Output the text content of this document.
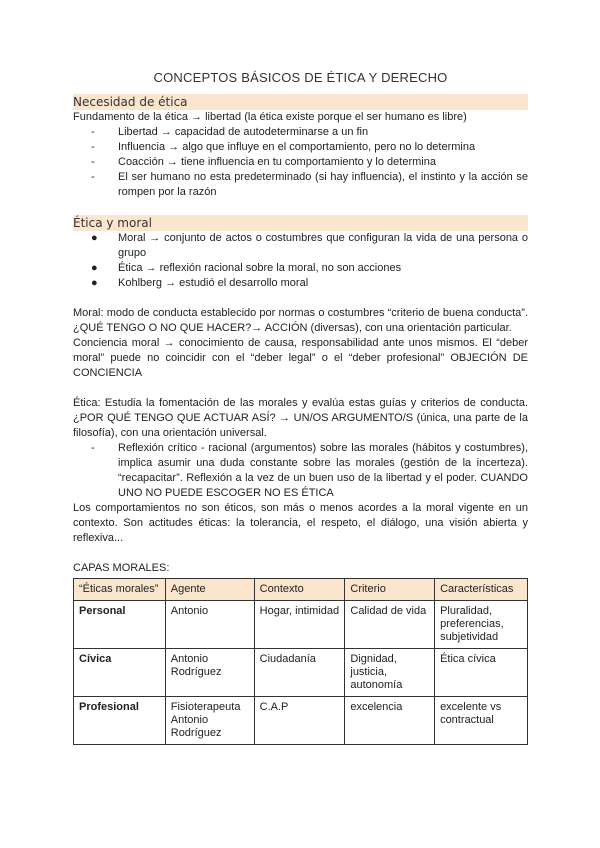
CONCEPTOS BÁSICOS DE ÉTICA Y DERECHO
Necesidad de ética

Fundamento de la ética → libertad (la ética existe porque el ser humano es libre)

- Libertad → capacidad de autodeterminarse a un fin
- Influencia → algo que influye en el comportamiento, pero no lo determina
- Coacción → tiene influencia en tu comportamiento y lo determina
- El ser humano no esta predeterminado (si hay influencia), el instinto y la acción se rompen por la razón
Ética y moral
● Moral → conjunto de actos o costumbres que configuran la vida de una persona o grupo
● Ética → reflexión racional sobre la moral, no son acciones
● Kohlberg → estudió el desarrollo moral

Moral: modo de conducta establecido por normas o costumbres “criterio de buena conducta”. ¿QUÉ TENGO O NO QUE HACER?→ ACCIÓN (diversas), con una orientación particular.

Conciencia moral → conocimiento de causa, responsabilidad ante unos mismos. El “deber moral” puede no coincidir con el “deber legal” o el “deber profesional” OBJECIÓN DE CONCIENCIA

Ética: Estudia la fomentación de las morales y evalúa estas guías y criterios de conducta. ¿POR QUÉ TENGO QUE ACTUAR ASÍ? → UN/OS ARGUMENTO/S (única, una parte de la filosofía), con una orientación universal.

- Reflexión crítico - racional (argumentos) sobre las morales (hábitos y costumbres), implica asumir una duda constante sobre las morales (gestión de la incerteza). “recapacitar”. Reflexión a la vez de un buen uso de la libertad y el poder. CUANDO UNO NO PUEDE ESCOGER NO ES ÉTICA

Los comportamientos no son éticos, son más o menos acordes a la moral vigente en un contexto. Son actitudes éticas: la tolerancia, el respeto, el diálogo, una visión abierta y reflexiva...

CAPAS MORALES:

“Éticas morales”	Agente	Contexto	Criterio	Características
Personal	Antonio	Hogar, intimidad	Calidad de vida	Pluralidad, preferencias, subjetividad
Cívica	Antonio Rodríguez	Ciudadanía	Dignidad, justicia, autonomía	Ética cívica
Profesional	Fisioterapeuta Antonio Rodríguez	C.A.P	excelencia	excelente vs contractual
